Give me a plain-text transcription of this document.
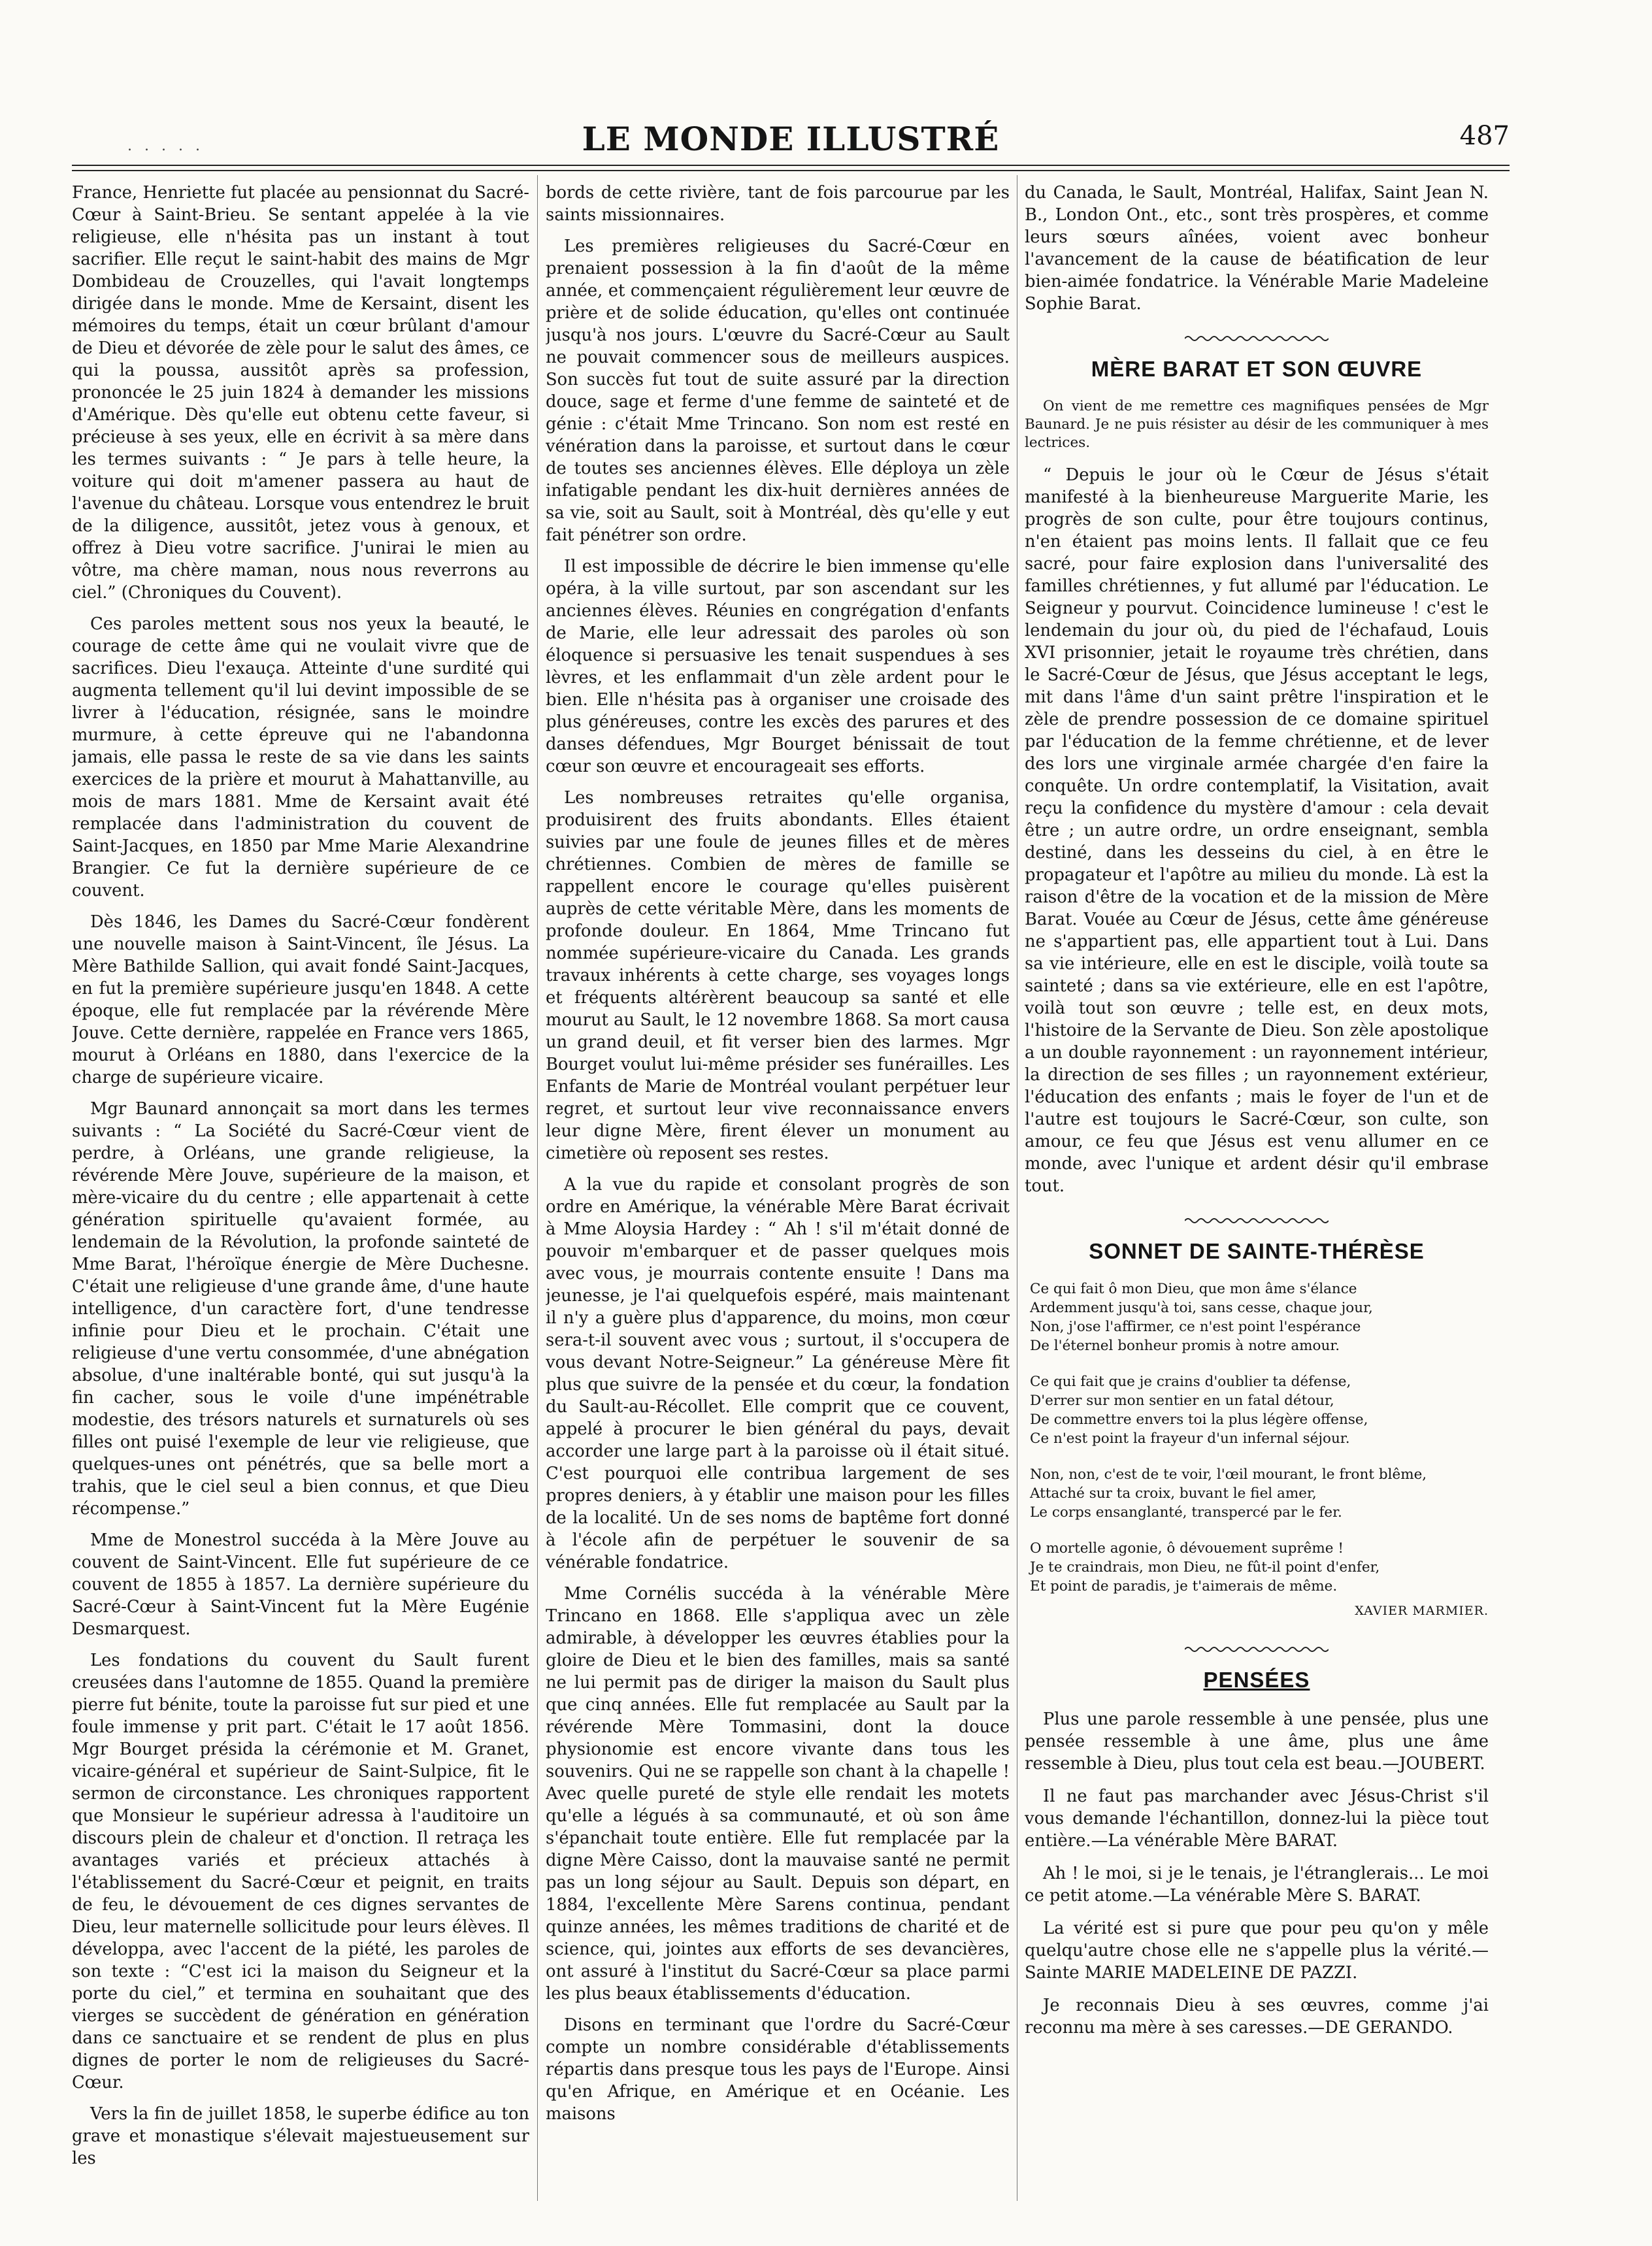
. . . . .	LE MONDE ILLUSTRÉ	487

France, Henriette fut placée au pensionnat du Sacré-Cœur à Saint-Brieu. Se sentant appelée à la vie religieuse, elle n'hésita pas un instant à tout sacrifier. Elle reçut le saint-habit des mains de Mgr Dombideau de Crouzelles, qui l'avait longtemps dirigée dans le monde. Mme de Kersaint, disent les mémoires du temps, était un cœur brûlant d'amour de Dieu et dévorée de zèle pour le salut des âmes, ce qui la poussa, aussitôt après sa profession, prononcée le 25 juin 1824 à demander les missions d'Amérique. Dès qu'elle eut obtenu cette faveur, si précieuse à ses yeux, elle en écrivit à sa mère dans les termes suivants : “ Je pars à telle heure, la voiture qui doit m'amener passera au haut de l'avenue du château. Lorsque vous entendrez le bruit de la diligence, aussitôt, jetez vous à genoux, et offrez à Dieu votre sacrifice. J'unirai le mien au vôtre, ma chère maman, nous nous reverrons au ciel.” (Chroniques du Couvent).

Ces paroles mettent sous nos yeux la beauté, le courage de cette âme qui ne voulait vivre que de sacrifices. Dieu l'exauça. Atteinte d'une surdité qui augmenta tellement qu'il lui devint impossible de se livrer à l'éducation, résignée, sans le moindre murmure, à cette épreuve qui ne l'abandonna jamais, elle passa le reste de sa vie dans les saints exercices de la prière et mourut à Mahattanville, au mois de mars 1881. Mme de Kersaint avait été remplacée dans l'administration du couvent de Saint-Jacques, en 1850 par Mme Marie Alexandrine Brangier. Ce fut la dernière supérieure de ce couvent.

Dès 1846, les Dames du Sacré-Cœur fondèrent une nouvelle maison à Saint-Vincent, île Jésus. La Mère Bathilde Sallion, qui avait fondé Saint-Jacques, en fut la première supérieure jusqu'en 1848. A cette époque, elle fut remplacée par la révérende Mère Jouve. Cette dernière, rappelée en France vers 1865, mourut à Orléans en 1880, dans l'exercice de la charge de supérieure vicaire.

Mgr Baunard annonçait sa mort dans les termes suivants : “ La Société du Sacré-Cœur vient de perdre, à Orléans, une grande religieuse, la révérende Mère Jouve, supérieure de la maison, et mère-vicaire du du centre ; elle appartenait à cette génération spirituelle qu'avaient formée, au lendemain de la Révolution, la profonde sainteté de Mme Barat, l'héroïque énergie de Mère Duchesne. C'était une religieuse d'une grande âme, d'une haute intelligence, d'un caractère fort, d'une tendresse infinie pour Dieu et le prochain. C'était une religieuse d'une vertu consommée, d'une abnégation absolue, d'une inaltérable bonté, qui sut jusqu'à la fin cacher, sous le voile d'une impénétrable modestie, des trésors naturels et surnaturels où ses filles ont puisé l'exemple de leur vie religieuse, que quelques-unes ont pénétrés, que sa belle mort a trahis, que le ciel seul a bien connus, et que Dieu récompense.”

Mme de Monestrol succéda à la Mère Jouve au couvent de Saint-Vincent. Elle fut supérieure de ce couvent de 1855 à 1857. La dernière supérieure du Sacré-Cœur à Saint-Vincent fut la Mère Eugénie Desmarquest.

Les fondations du couvent du Sault furent creusées dans l'automne de 1855. Quand la première pierre fut bénite, toute la paroisse fut sur pied et une foule immense y prit part. C'était le 17 août 1856. Mgr Bourget présida la cérémonie et M. Granet, vicaire-général et supérieur de Saint-Sulpice, fit le sermon de circonstance. Les chroniques rapportent que Monsieur le supérieur adressa à l'auditoire un discours plein de chaleur et d'onction. Il retraça les avantages variés et précieux attachés à l'établissement du Sacré-Cœur et peignit, en traits de feu, le dévouement de ces dignes servantes de Dieu, leur maternelle sollicitude pour leurs élèves. Il développa, avec l'accent de la piété, les paroles de son texte : “C'est ici la maison du Seigneur et la porte du ciel,” et termina en souhaitant que des vierges se succèdent de génération en génération dans ce sanctuaire et se rendent de plus en plus dignes de porter le nom de religieuses du Sacré-Cœur.

Vers la fin de juillet 1858, le superbe édifice au ton grave et monastique s'élevait majestueusement sur les

bords de cette rivière, tant de fois parcourue par les saints missionnaires.

Les premières religieuses du Sacré-Cœur en prenaient possession à la fin d'août de la même année, et commençaient régulièrement leur œuvre de prière et de solide éducation, qu'elles ont continuée jusqu'à nos jours. L'œuvre du Sacré-Cœur au Sault ne pouvait commencer sous de meilleurs auspices. Son succès fut tout de suite assuré par la direction douce, sage et ferme d'une femme de sainteté et de génie : c'était Mme Trincano. Son nom est resté en vénération dans la paroisse, et surtout dans le cœur de toutes ses anciennes élèves. Elle déploya un zèle infatigable pendant les dix-huit dernières années de sa vie, soit au Sault, soit à Montréal, dès qu'elle y eut fait pénétrer son ordre.

Il est impossible de décrire le bien immense qu'elle opéra, à la ville surtout, par son ascendant sur les anciennes élèves. Réunies en congrégation d'enfants de Marie, elle leur adressait des paroles où son éloquence si persuasive les tenait suspendues à ses lèvres, et les enflammait d'un zèle ardent pour le bien. Elle n'hésita pas à organiser une croisade des plus généreuses, contre les excès des parures et des danses défendues, Mgr Bourget bénissait de tout cœur son œuvre et encourageait ses efforts.

Les nombreuses retraites qu'elle organisa, produisirent des fruits abondants. Elles étaient suivies par une foule de jeunes filles et de mères chrétiennes. Combien de mères de famille se rappellent encore le courage qu'elles puisèrent auprès de cette véritable Mère, dans les moments de profonde douleur. En 1864, Mme Trincano fut nommée supérieure-vicaire du Canada. Les grands travaux inhérents à cette charge, ses voyages longs et fréquents altérèrent beaucoup sa santé et elle mourut au Sault, le 12 novembre 1868. Sa mort causa un grand deuil, et fit verser bien des larmes. Mgr Bourget voulut lui-même présider ses funérailles. Les Enfants de Marie de Montréal voulant perpétuer leur regret, et surtout leur vive reconnaissance envers leur digne Mère, firent élever un monument au cimetière où reposent ses restes.

A la vue du rapide et consolant progrès de son ordre en Amérique, la vénérable Mère Barat écrivait à Mme Aloysia Hardey : “ Ah ! s'il m'était donné de pouvoir m'embarquer et de passer quelques mois avec vous, je mourrais contente ensuite ! Dans ma jeunesse, je l'ai quelquefois espéré, mais maintenant il n'y a guère plus d'apparence, du moins, mon cœur sera-t-il souvent avec vous ; surtout, il s'occupera de vous devant Notre-Seigneur.” La généreuse Mère fit plus que suivre de la pensée et du cœur, la fondation du Sault-au-Récollet. Elle comprit que ce couvent, appelé à procurer le bien général du pays, devait accorder une large part à la paroisse où il était situé. C'est pourquoi elle contribua largement de ses propres deniers, à y établir une maison pour les filles de la localité. Un de ses noms de baptême fort donné à l'école afin de perpétuer le souvenir de sa vénérable fondatrice.

Mme Cornélis succéda à la vénérable Mère Trincano en 1868. Elle s'appliqua avec un zèle admirable, à développer les œuvres établies pour la gloire de Dieu et le bien des familles, mais sa santé ne lui permit pas de diriger la maison du Sault plus que cinq années. Elle fut remplacée au Sault par la révérende Mère Tommasini, dont la douce physionomie est encore vivante dans tous les souvenirs. Qui ne se rappelle son chant à la chapelle ! Avec quelle pureté de style elle rendait les motets qu'elle a légués à sa communauté, et où son âme s'épanchait toute entière. Elle fut remplacée par la digne Mère Caisso, dont la mauvaise santé ne permit pas un long séjour au Sault. Depuis son départ, en 1884, l'excellente Mère Sarens continua, pendant quinze années, les mêmes traditions de charité et de science, qui, jointes aux efforts de ses devancières, ont assuré à l'institut du Sacré-Cœur sa place parmi les plus beaux établissements d'éducation.

Disons en terminant que l'ordre du Sacré-Cœur compte un nombre considérable d'établissements répartis dans presque tous les pays de l'Europe. Ainsi qu'en Afrique, en Amérique et en Océanie. Les maisons

du Canada, le Sault, Montréal, Halifax, Saint Jean N. B., London Ont., etc., sont très prospères, et comme leurs sœurs aînées, voient avec bonheur l'avancement de la cause de béatification de leur bien-aimée fondatrice. la Vénérable Marie Madeleine Sophie Barat.

MÈRE BARAT ET SON ŒUVRE

On vient de me remettre ces magnifiques pensées de Mgr Baunard. Je ne puis résister au désir de les communiquer à mes lectrices.

“ Depuis le jour où le Cœur de Jésus s'était manifesté à la bienheureuse Marguerite Marie, les progrès de son culte, pour être toujours continus, n'en étaient pas moins lents. Il fallait que ce feu sacré, pour faire explosion dans l'universalité des familles chrétiennes, y fut allumé par l'éducation. Le Seigneur y pourvut. Coincidence lumineuse ! c'est le lendemain du jour où, du pied de l'échafaud, Louis XVI prisonnier, jetait le royaume très chrétien, dans le Sacré-Cœur de Jésus, que Jésus acceptant le legs, mit dans l'âme d'un saint prêtre l'inspiration et le zèle de prendre possession de ce domaine spirituel par l'éducation de la femme chrétienne, et de lever des lors une virginale armée chargée d'en faire la conquête. Un ordre contemplatif, la Visitation, avait reçu la confidence du mystère d'amour : cela devait être ; un autre ordre, un ordre enseignant, sembla destiné, dans les desseins du ciel, à en être le propagateur et l'apôtre au milieu du monde. Là est la raison d'être de la vocation et de la mission de Mère Barat. Vouée au Cœur de Jésus, cette âme généreuse ne s'appartient pas, elle appartient tout à Lui. Dans sa vie intérieure, elle en est le disciple, voilà toute sa sainteté ; dans sa vie extérieure, elle en est l'apôtre, voilà tout son œuvre ; telle est, en deux mots, l'histoire de la Servante de Dieu. Son zèle apostolique a un double rayonnement : un rayonnement intérieur, la direction de ses filles ; un rayonnement extérieur, l'éducation des enfants ; mais le foyer de l'un et de l'autre est toujours le Sacré-Cœur, son culte, son amour, ce feu que Jésus est venu allumer en ce monde, avec l'unique et ardent désir qu'il embrase tout.

SONNET DE SAINTE-THÉRÈSE
Ce qui fait ô mon Dieu, que mon âme s'élance
Ardemment jusqu'à toi, sans cesse, chaque jour,
Non, j'ose l'affirmer, ce n'est point l'espérance
De l'éternel bonheur promis à notre amour.
Ce qui fait que je crains d'oublier ta défense,
D'errer sur mon sentier en un fatal détour,
De commettre envers toi la plus légère offense,
Ce n'est point la frayeur d'un infernal séjour.
Non, non, c'est de te voir, l'œil mourant, le front blême,
Attaché sur ta croix, buvant le fiel amer,
Le corps ensanglanté, transpercé par le fer.
O mortelle agonie, ô dévouement suprême !
Je te craindrais, mon Dieu, ne fût-il point d'enfer,
Et point de paradis, je t'aimerais de même.
XAVIER MARMIER.
PENSÉES

Plus une parole ressemble à une pensée, plus une pensée ressemble à une âme, plus une âme ressemble à Dieu, plus tout cela est beau.—JOUBERT.

Il ne faut pas marchander avec Jésus-Christ s'il vous demande l'échantillon, donnez-lui la pièce tout entière.—La vénérable Mère BARAT.

Ah ! le moi, si je le tenais, je l'étranglerais... Le moi ce petit atome.—La vénérable Mère S. BARAT.

La vérité est si pure que pour peu qu'on y mêle quelqu'autre chose elle ne s'appelle plus la vérité.—Sainte MARIE MADELEINE DE PAZZI.

Je reconnais Dieu à ses œuvres, comme j'ai reconnu ma mère à ses caresses.—DE GERANDO.
